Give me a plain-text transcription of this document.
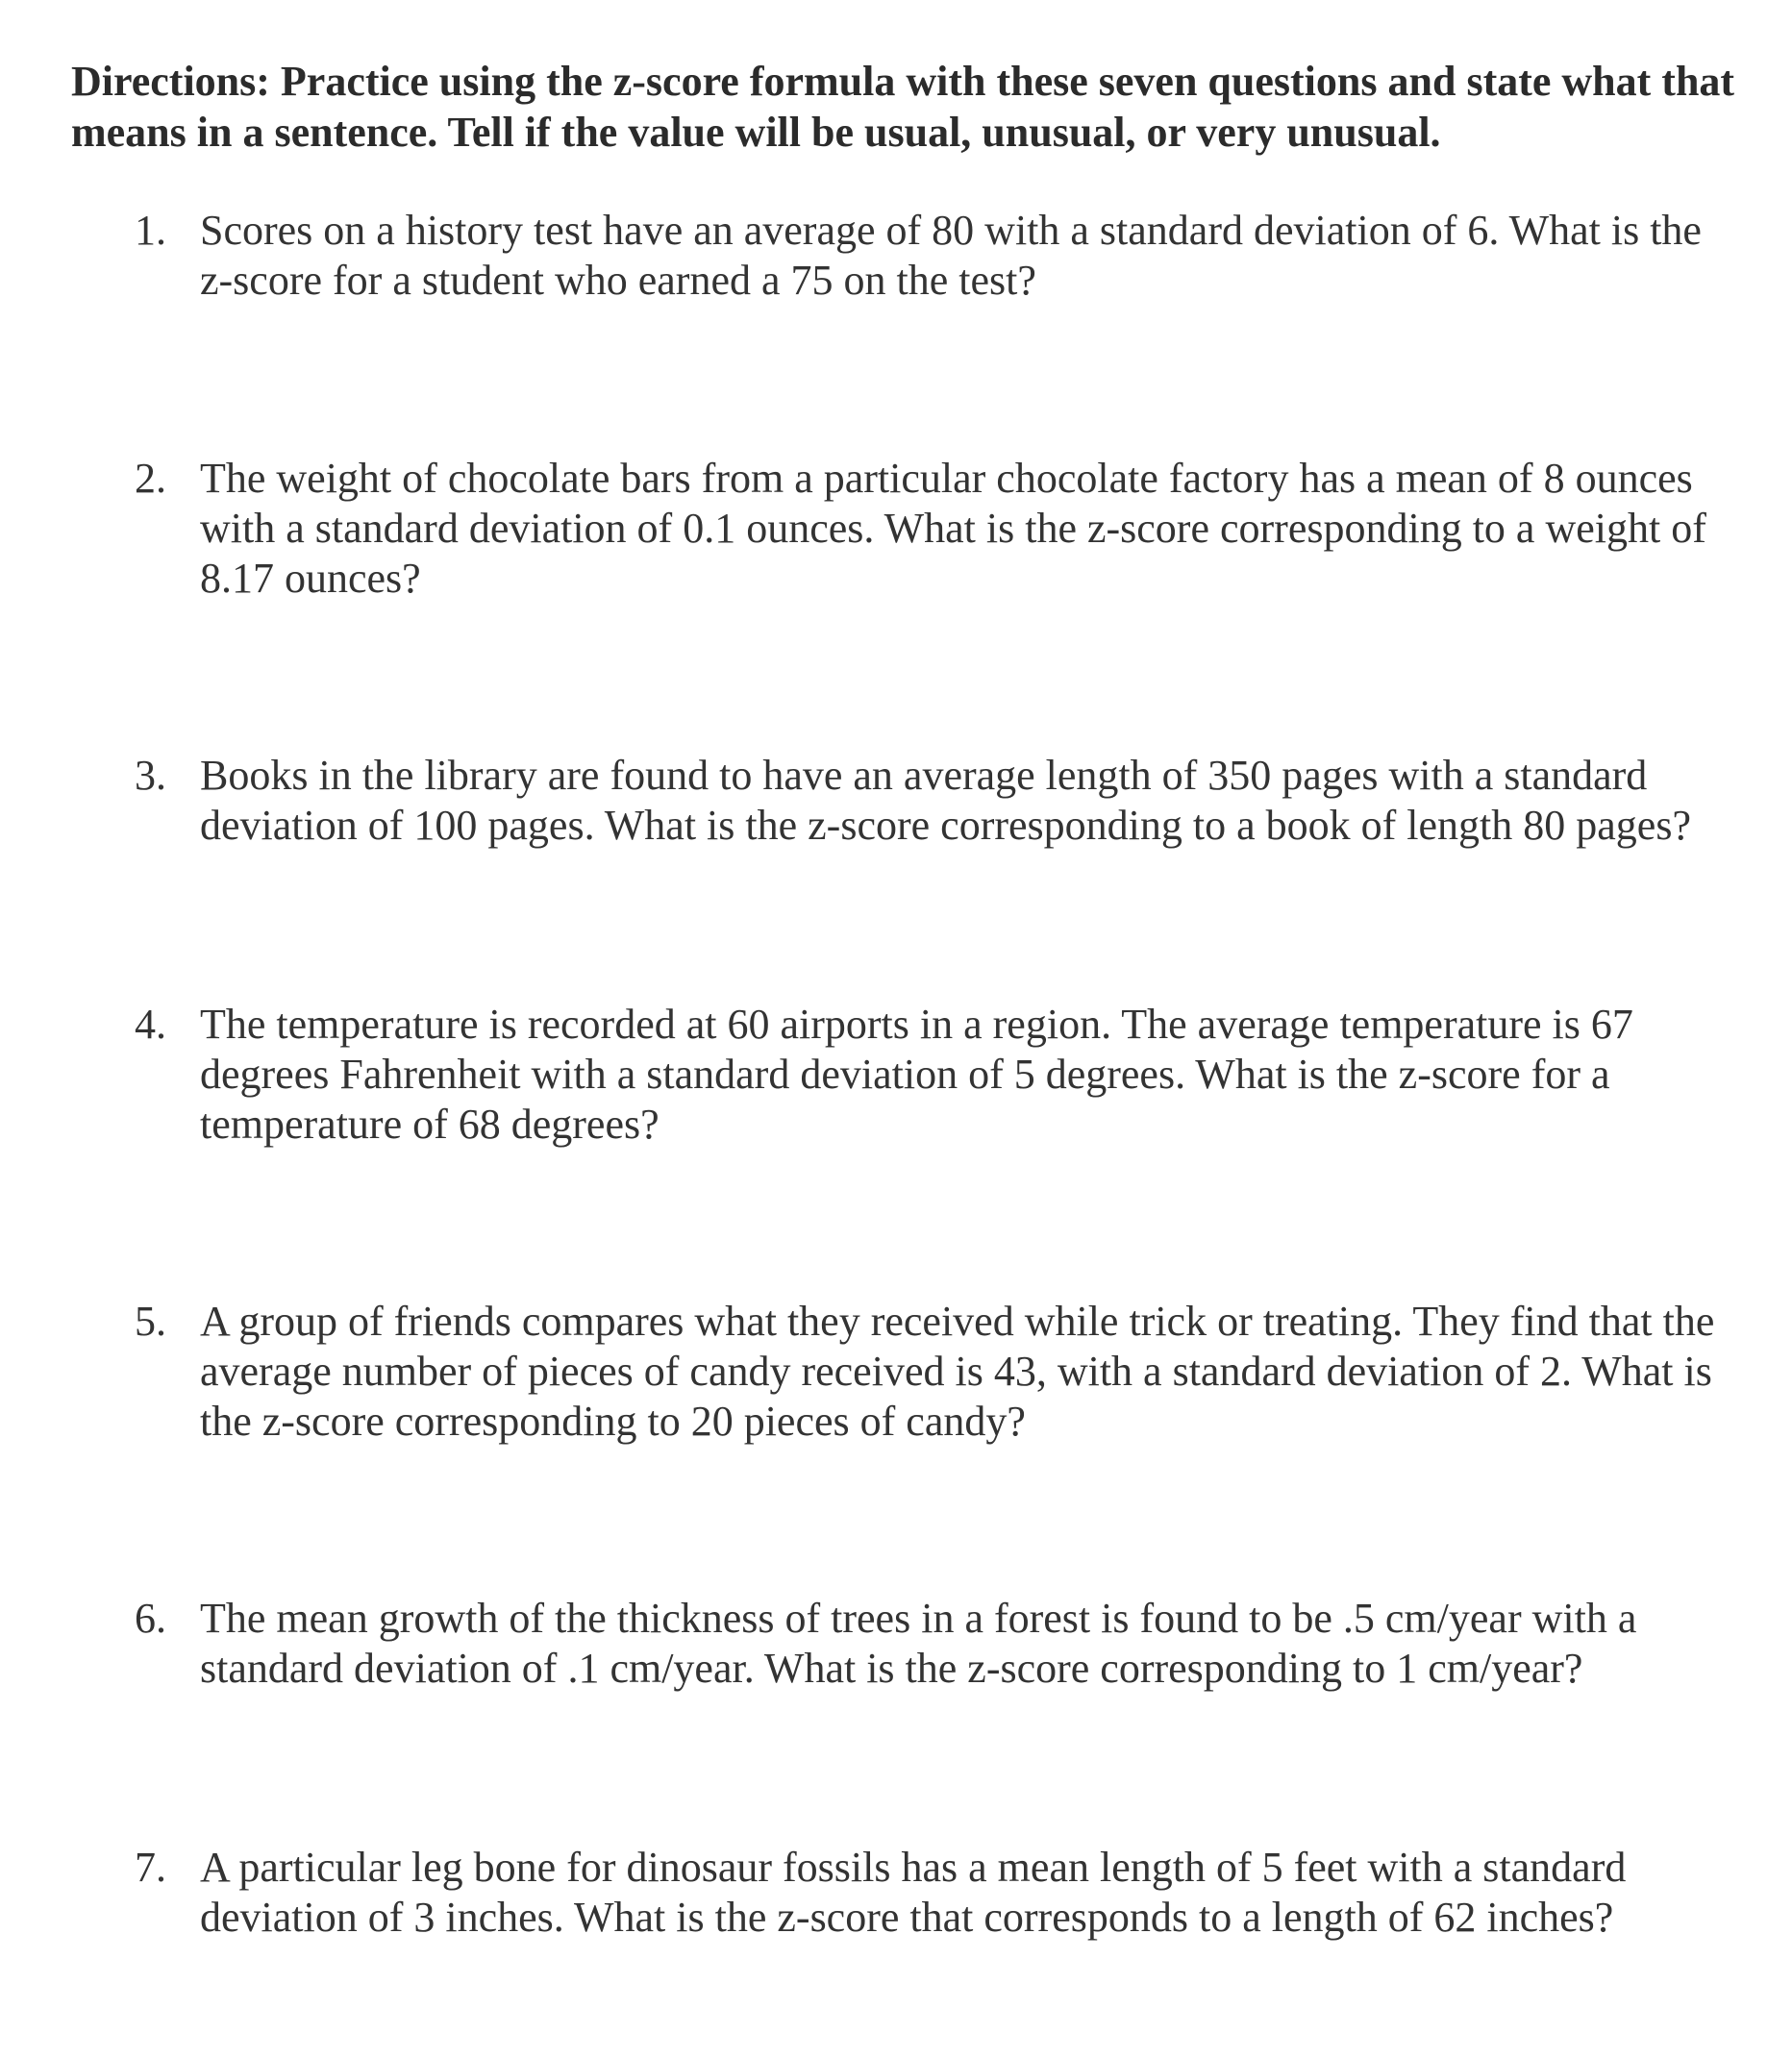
Directions: Practice using the z-score formula with these seven questions and state what that means in a sentence. Tell if the value will be usual, unusual, or very unusual.

1. Scores on a history test have an average of 80 with a standard deviation of 6. What is the z-score for a student who earned a 75 on the test?

2. The weight of chocolate bars from a particular chocolate factory has a mean of 8 ounces with a standard deviation of 0.1 ounces. What is the z-score corresponding to a weight of 8.17 ounces?

3. Books in the library are found to have an average length of 350 pages with a standard deviation of 100 pages. What is the z-score corresponding to a book of length 80 pages?

4. The temperature is recorded at 60 airports in a region. The average temperature is 67 degrees Fahrenheit with a standard deviation of 5 degrees. What is the z-score for a temperature of 68 degrees?

5. A group of friends compares what they received while trick or treating. They find that the average number of pieces of candy received is 43, with a standard deviation of 2. What is the z-score corresponding to 20 pieces of candy?

6. The mean growth of the thickness of trees in a forest is found to be .5 cm/year with a standard deviation of .1 cm/year. What is the z-score corresponding to 1 cm/year?

7. A particular leg bone for dinosaur fossils has a mean length of 5 feet with a standard deviation of 3 inches. What is the z-score that corresponds to a length of 62 inches?
